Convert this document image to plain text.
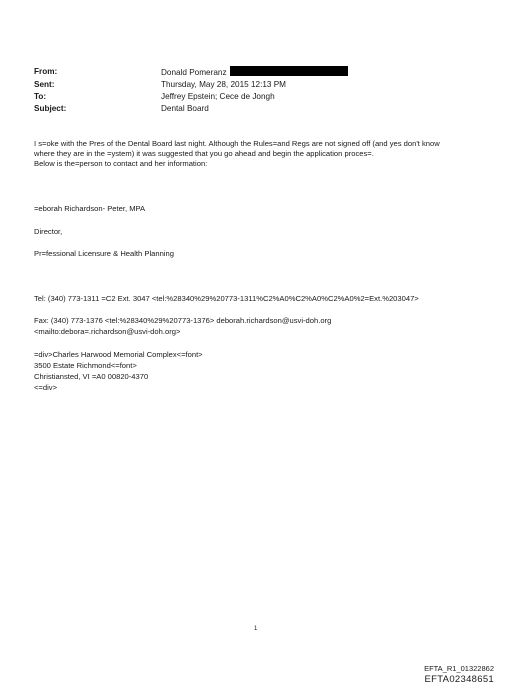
From:	Donald Pomeranz
Sent:	Thursday, May 28, 2015 12:13 PM
To:	Jeffrey Epstein; Cece de Jongh
Subject:	Dental Board
I s=oke with the Pres of the Dental Board last night. Although the Rules=and Regs are not signed off (and yes don't know
where they are in the =ystem) it was suggested that you go ahead and begin the application proces=.
Below is the=person to contact and her information:
=eborah Richardson- Peter, MPA
Director,
Pr=fessional Licensure & Health Planning
Tel: (340) 773-1311 =C2 Ext. 3047 <tel:%28340%29%20773-1311%C2%A0%C2%A0%C2%A0%2=Ext.%203047>
Fax: (340) 773-1376 <tel:%28340%29%20773-1376> deborah.richardson@usvi-doh.org
<mailto:debora=.richardson@usvi-doh.org>
=div>Charles Harwood Memorial Complex<=font>
3500 Estate Richmond<=font>
Christiansted, VI =A0 00820-4370
<=div>
1
EFTA_R1_01322862
EFTA02348651
